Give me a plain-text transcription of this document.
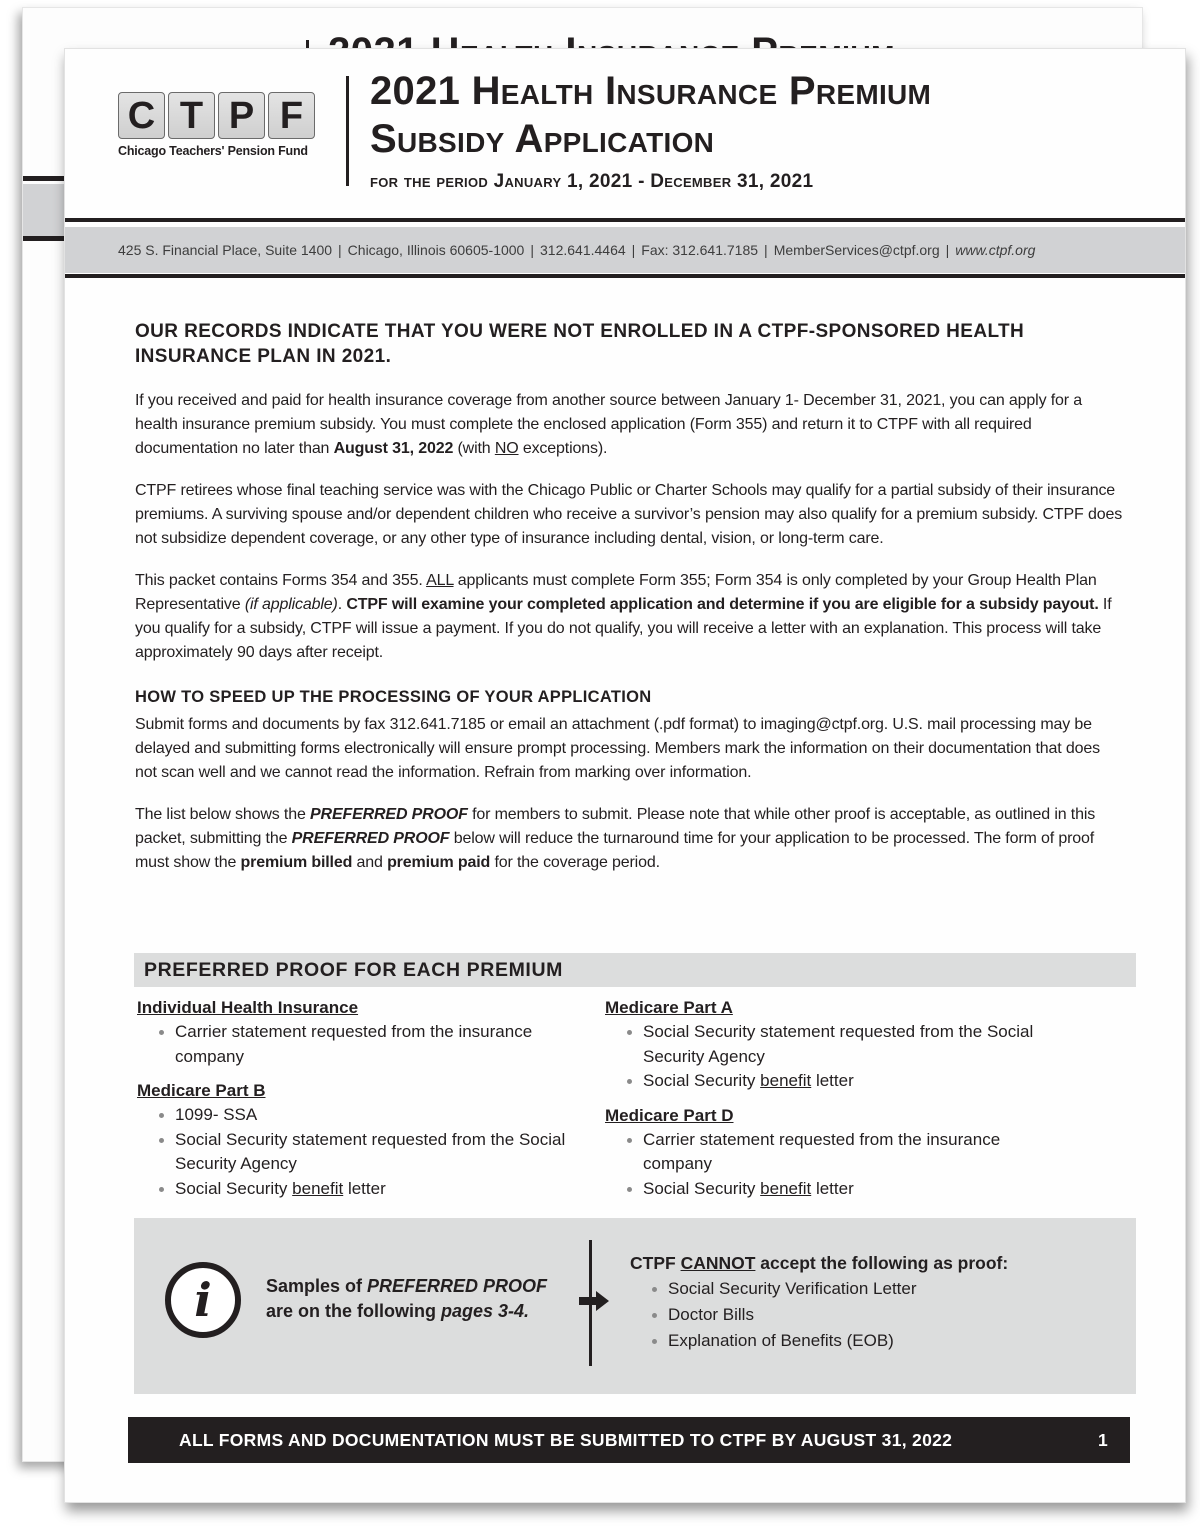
C T P F
Chicago Teachers' Pension Fund
2021 Health Insurance Premium
Subsidy Application
for the period January 1, 2021 - December 31, 2021
425 S. Financial Place, Suite 1400 | Chicago, Illinois 60605-1000 | 312.641.4464 | Fax: 312.641.7185 | MemberServices@ctpf.org | www.ctpf.org
OUR RECORDS INDICATE THAT YOU WERE NOT ENROLLED IN A CTPF-SPONSORED HEALTH INSURANCE PLAN IN 2021.

If you received and paid for health insurance coverage from another source between January 1- December 31, 2021, you can apply for a health insurance premium subsidy. You must complete the enclosed application (Form 355) and return it to CTPF with all required documentation no later than August 31, 2022 (with NO exceptions).

CTPF retirees whose final teaching service was with the Chicago Public or Charter Schools may qualify for a partial subsidy of their insurance premiums. A surviving spouse and/or dependent children who receive a survivor’s pension may also qualify for a premium subsidy. CTPF does not subsidize dependent coverage, or any other type of insurance including dental, vision, or long-term care.

This packet contains Forms 354 and 355. ALL applicants must complete Form 355; Form 354 is only completed by your Group Health Plan Representative (if applicable). CTPF will examine your completed application and determine if you are eligible for a subsidy payout. If you qualify for a subsidy, CTPF will issue a payment. If you do not qualify, you will receive a letter with an explanation. This process will take approximately 90 days after receipt.

HOW TO SPEED UP THE PROCESSING OF YOUR APPLICATION

Submit forms and documents by fax 312.641.7185 or email an attachment (.pdf format) to imaging@ctpf.org. U.S. mail processing may be delayed and submitting forms electronically will ensure prompt processing. Members mark the information on their documentation that does not scan well and we cannot read the information. Refrain from marking over information.

The list below shows the PREFERRED PROOF for members to submit. Please note that while other proof is acceptable, as outlined in this packet, submitting the PREFERRED PROOF below will reduce the turnaround time for your application to be processed. The form of proof must show the premium billed and premium paid for the coverage period.

PREFERRED PROOF FOR EACH PREMIUM
Individual Health Insurance
Carrier statement requested from the insurance company
Medicare Part B
1099- SSA
Social Security statement requested from the Social Security Agency
Social Security benefit letter
Medicare Part A
Social Security statement requested from the Social Security Agency
Social Security benefit letter
Medicare Part D
Carrier statement requested from the insurance company
Social Security benefit letter
i	Samples of PREFERRED PROOF
are on the following pages 3-4.
CTPF CANNOT accept the following as proof:
Social Security Verification Letter
Doctor Bills
Explanation of Benefits (EOB)
ALL FORMS AND DOCUMENTATION MUST BE SUBMITTED TO CTPF BY AUGUST 31, 2022	1
